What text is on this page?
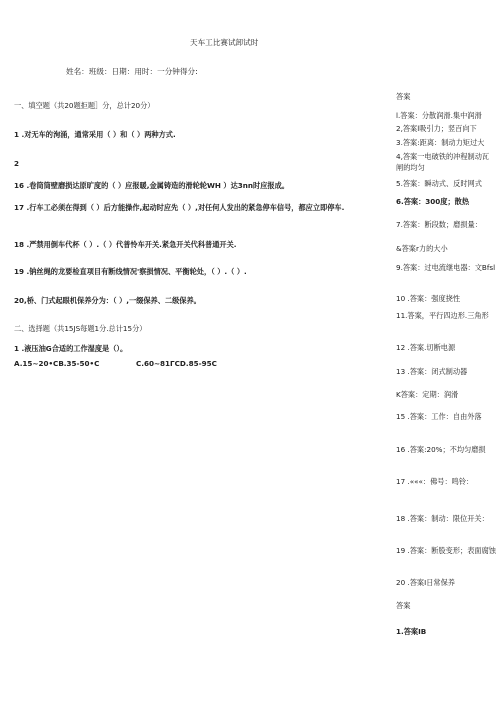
天车工比赛试卸试时
姓名：班级：日期：用时：一分钟得分:
一、填空题（共20题拒题］分，总计20分）
1 .对无车的洵涌，通常采用（ ）和（ ）两种方式.
2
16 .卷筒筒壁磨损达原旷度的（ ）应报暖,金属铸造的滑轮轮WH ）达3nn时应报成。
17 .行车工必须在得到（ ）后方能操作,起动时应先（ ）,对任何人发出的紧急停车信号，都应立即停车.
18 .严禁用倒车代杯（ ）.（ ）代普怜车开关.紧急开关代科普通开关.
19 .钠丝绳的龙要检直项目有断线情况'察损情况、平衡轮处，（ ）.（ ）.
20,桥、门式起眼机保养分为：（ ）,一缀保养、二级保养。
二、选择题（共15JS每题1分.总计15分）
1 .液压油G合适的工作湿度是（）。
A.15~20•CB.35-50•C	C.60~81ГCD.85-95C
答案
l.答案：分散润滑.集中润滑
2,答案l吸引力；竖百向下
3.答案:距离：制动力矩过大
4,答案一电破铁的冲程制动瓦闸的均匀
5.答案：瞬动式、反时网式
6.答案：300度；散热
7.答案：断段数；磨损量：
&答案r力的大小
9.答案：过电流继电器：文Bfsl
10 .答案：强度挠性
11.答案，平行四边形.三角形
12 .答案.切断电源
13 .答案：闭式制动器
K答案：定期：润滑
15 .答案：工作：自由外落
16 .答案:20%；不均匀磨损
17 .«««：佛号：鸣铃：
18 .答案：制动：限位开关：
19 .答案：断股变形；表面腐蚀
20 .答案I日常保养
答案
1.答案IB
